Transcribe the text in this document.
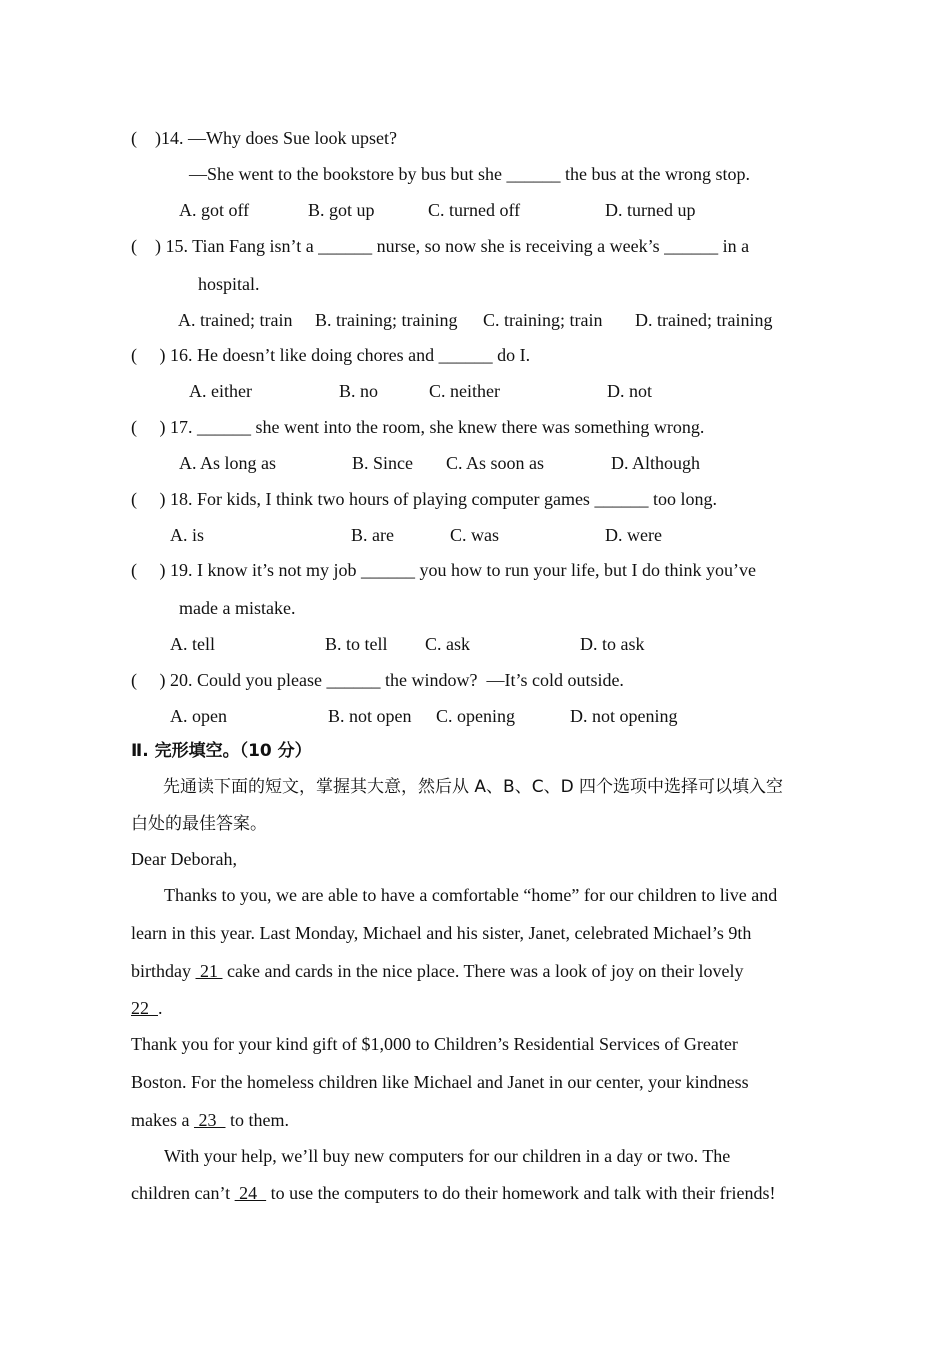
(    )14. —Why does Sue look upset?
—She went to the bookstore by bus but she ______ the bus at the wrong stop.
A. got off	B. got up	C. turned off	D. turned up
(    ) 15. Tian Fang isn’t a ______ nurse, so now she is receiving a week’s ______ in a
hospital.
A. trained; train B. training; training C. training; train D. trained; training
(     ) 16. He doesn’t like doing chores and ______ do I.
A. either	B. no	C. neither	D. not
(     ) 17. ______ she went into the room, she knew there was something wrong.
A. As long as	B. Since C. As soon as	D. Although
(     ) 18. For kids, I think two hours of playing computer games ______ too long.
A. is	B. are	C. was	D. were
(     ) 19. I know it’s not my job ______ you how to run your life, but I do think you’ve
made a mistake.
A. tell	B. to tell C. ask	D. to ask
(     ) 20. Could you please ______ the window?  —It’s cold outside.
A. open	B. not open C. opening	D. not opening
Ⅱ. 完形填空。（10 分）
先通读下面的短文，掌握其大意，然后从 A、B、C、D 四个选项中选择可以填入空
白处的最佳答案。
Dear Deborah,
Thanks to you, we are able to have a comfortable “home” for our children to live and
learn in this year. Last Monday, Michael and his sister, Janet, celebrated Michael’s 9th
birthday  21  cake and cards in the nice place. There was a look of joy on their lovely
22  .
Thank you for your kind gift of $1,000 to Children’s Residential Services of Greater
Boston. For the homeless children like Michael and Janet in our center, your kindness
makes a  23   to them.
With your help, we’ll buy new computers for our children in a day or two. The
children can’t  24   to use the computers to do their homework and talk with their friends!
